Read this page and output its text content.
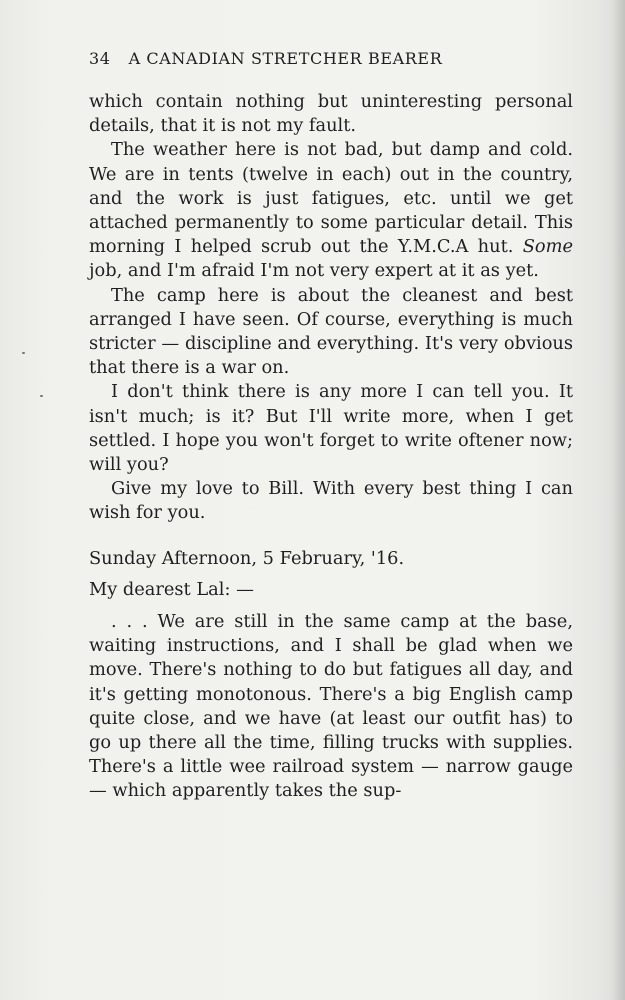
34 A CANADIAN STRETCHER BEARER

which contain nothing but uninteresting personal details, that it is not my fault.

The weather here is not bad, but damp and cold. We are in tents (twelve in each) out in the country, and the work is just fatigues, etc. until we get attached permanently to some particular detail. This morning I helped scrub out the Y.M.C.A hut. Some job, and I'm afraid I'm not very expert at it as yet.

The camp here is about the cleanest and best arranged I have seen. Of course, everything is much stricter — discipline and everything. It's very obvious that there is a war on.

I don't think there is any more I can tell you. It isn't much; is it? But I'll write more, when I get settled. I hope you won't forget to write oftener now; will you?

Give my love to Bill. With every best thing I can wish for you.

Sunday Afternoon, 5 February, '16.

My dearest Lal: —

. . . We are still in the same camp at the base, waiting instructions, and I shall be glad when we move. There's nothing to do but fatigues all day, and it's getting monotonous. There's a big English camp quite close, and we have (at least our outfit has) to go up there all the time, filling trucks with supplies. There's a little wee railroad system — narrow gauge — which apparently takes the sup-
